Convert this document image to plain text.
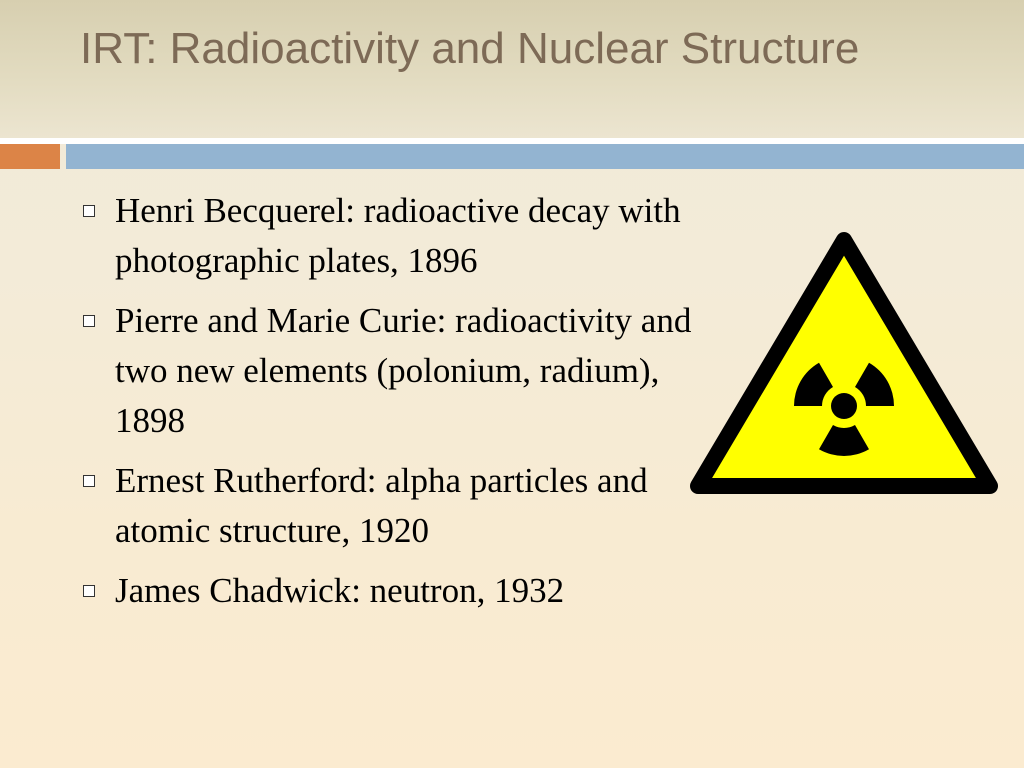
IRT: Radioactivity and Nuclear Structure
Henri Becquerel: radioactive decay with photographic plates, 1896
Pierre and Marie Curie: radioactivity and two new elements (polonium, radium), 1898
Ernest Rutherford: alpha particles and atomic structure, 1920
James Chadwick: neutron, 1932
